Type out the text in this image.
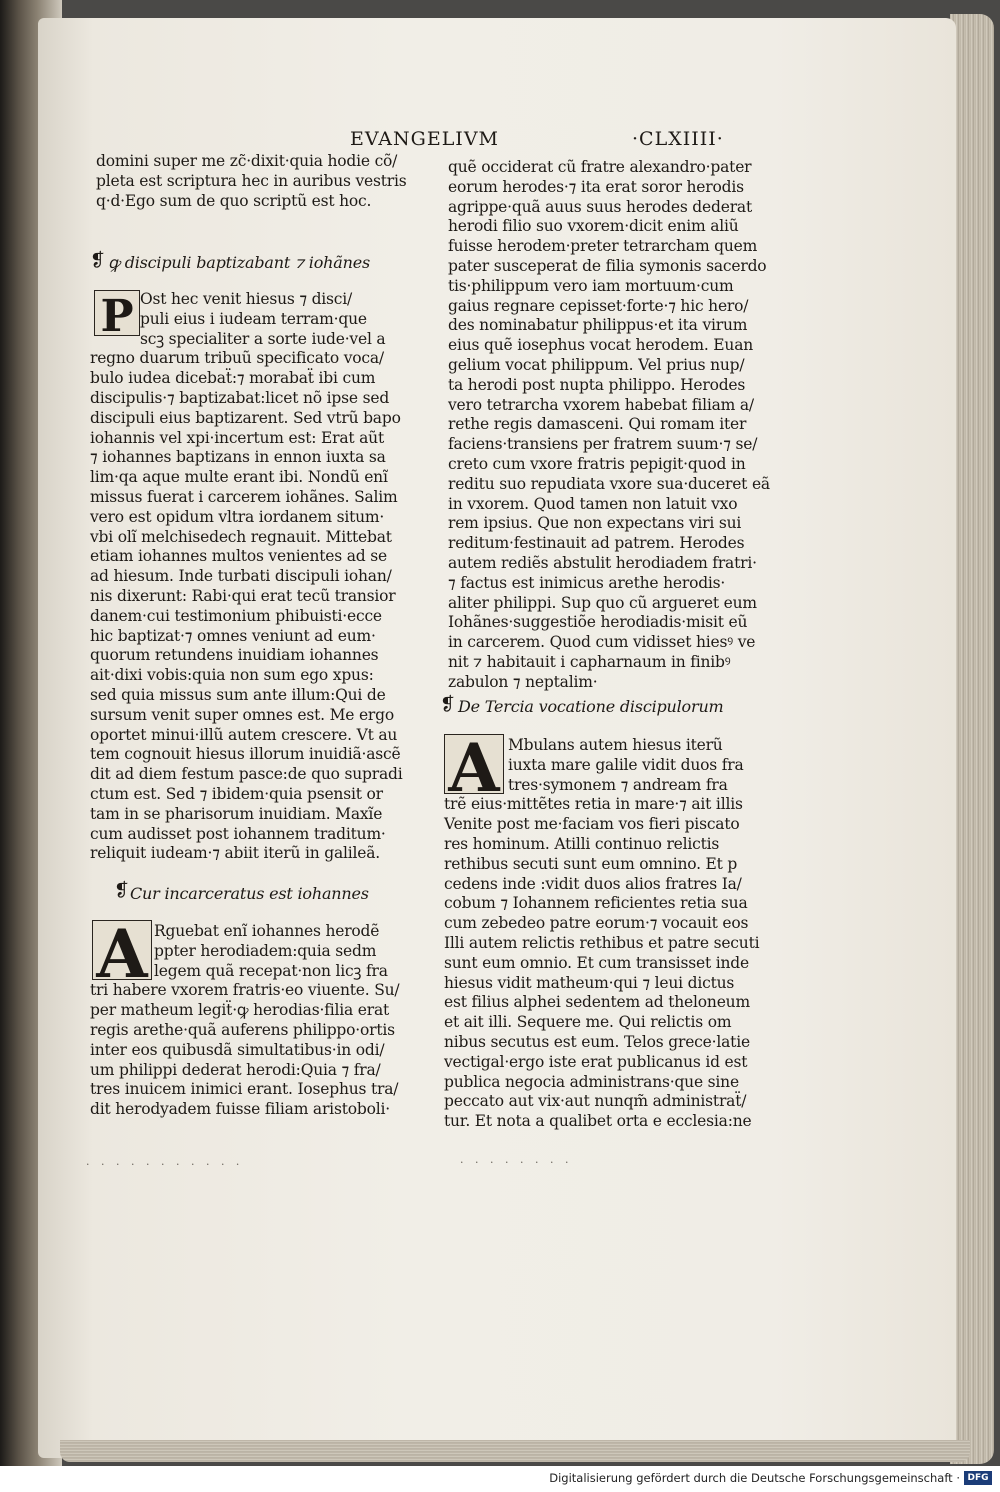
EVANGELIVM	·CLXIIII·
· · · · · · · · · · ·	· · · · · · · ·
domini super me zc̃·dixit·quia hodie cõ/
pleta est scriptura hec in auribus vestris
q·d·Ego sum de quo scriptũ est hoc.
❡ ꝙ discipuli baptizabant ⁊ iohãnes
P Ost hec venit hiesus ⁊ disci/
puli eius i iudeam terram·que
scꝫ specialiter a sorte iude·vel a
regno duarum tribuũ specificato voca/
bulo iudea dicebaẗ:⁊ morabaẗ ibi cum
discipulis·⁊ baptizabat:licet nõ ipse sed
discipuli eius baptizarent. Sed vtrũ bapo
iohannis vel xpi·incertum est: Erat aũt
⁊ iohannes baptizans in ennon iuxta sa
lim·qa aque multe erant ibi. Nondũ enĩ
missus fuerat i carcerem iohãnes. Salim
vero est opidum vltra iordanem situm·
vbi olĩ melchisedech regnauit. Mittebat
etiam iohannes multos venientes ad se
ad hiesum. Inde turbati discipuli iohan/
nis dixerunt: Rabi·qui erat tecũ transior
danem·cui testimonium phibuisti·ecce
hic baptizat·⁊ omnes veniunt ad eum·
quorum retundens inuidiam iohannes
ait·dixi vobis:quia non sum ego xpus:
sed quia missus sum ante illum:Qui de
sursum venit super omnes est. Me ergo
oportet minui·illũ autem crescere. Vt au
tem cognouit hiesus illorum inuidiã·ascẽ
dit ad diem festum pasce:de quo supradi
ctum est. Sed ⁊ ibidem·quia psensit or
tam in se pharisorum inuidiam. Maxĩe
cum audisset post iohannem traditum·
reliquit iudeam·⁊ abiit iterũ in galileã.
❡ Cur incarceratus est iohannes
A Rguebat enĩ iohannes herodẽ
ppter herodiadem:quia sedm
legem quã recepat·non licꝫ fra
tri habere vxorem fratris·eo viuente. Su/
per matheum legiẗ·ꝙ herodias·filia erat
regis arethe·quã auferens philippo·ortis
inter eos quibusdã simultatibus·in odi/
um philippi dederat herodi:Quia ⁊ fra/
tres inuicem inimici erant. Iosephus tra/
dit herodyadem fuisse filiam aristoboli·
quẽ occiderat cũ fratre alexandro·pater
eorum herodes·⁊ ita erat soror herodis
agrippe·quã auus suus herodes dederat
herodi filio suo vxorem·dicit enim aliũ
fuisse herodem·preter tetrarcham quem
pater susceperat de filia symonis sacerdo
tis·philippum vero iam mortuum·cum
gaius regnare cepisset·forte·⁊ hic hero/
des nominabatur philippus·et ita virum
eius quẽ iosephus vocat herodem. Euan
gelium vocat philippum. Vel prius nup/
ta herodi post nupta philippo. Herodes
vero tetrarcha vxorem habebat filiam a/
rethe regis damasceni. Qui romam iter
faciens·transiens per fratrem suum·⁊ se/
creto cum vxore fratris pepigit·quod in
reditu suo repudiata vxore sua·duceret eã
in vxorem. Quod tamen non latuit vxo
rem ipsius. Que non expectans viri sui
reditum·festinauit ad patrem. Herodes
autem rediẽs abstulit herodiadem fratri·
⁊ factus est inimicus arethe herodis·
aliter philippi. Sup quo cũ argueret eum
Iohãnes·suggestiõe herodiadis·misit eũ
in carcerem. Quod cum vidisset hiesꝰ ve
nit ⁊ habitauit i capharnaum in finibꝰ
zabulon ⁊ neptalim·
❡ De Tercia vocatione discipulorum
A Mbulans autem hiesus iterũ
iuxta mare galile vidit duos fra
tres·symonem ⁊ andream fra
trẽ eius·mittẽtes retia in mare·⁊ ait illis
Venite post me·faciam vos fieri piscato
res hominum. Atilli continuo relictis
rethibus secuti sunt eum omnino. Et p
cedens inde :vidit duos alios fratres Ia/
cobum ⁊ Iohannem reficientes retia sua
cum zebedeo patre eorum·⁊ vocauit eos
Illi autem relictis rethibus et patre secuti
sunt eum omnio. Et cum transisset inde
hiesus vidit matheum·qui ⁊ leui dictus
est filius alphei sedentem ad theloneum
et ait illi. Sequere me. Qui relictis om
nibus secutus est eum. Telos grece·latie
vectigal·ergo iste erat publicanus id est
publica negocia administrans·que sine
peccato aut vix·aut nunqm̃ administraẗ/
tur. Et nota a qualibet orta e ecclesia:ne
Digitalisierung gefördert durch die Deutsche Forschungsgemeinschaft · DFG
